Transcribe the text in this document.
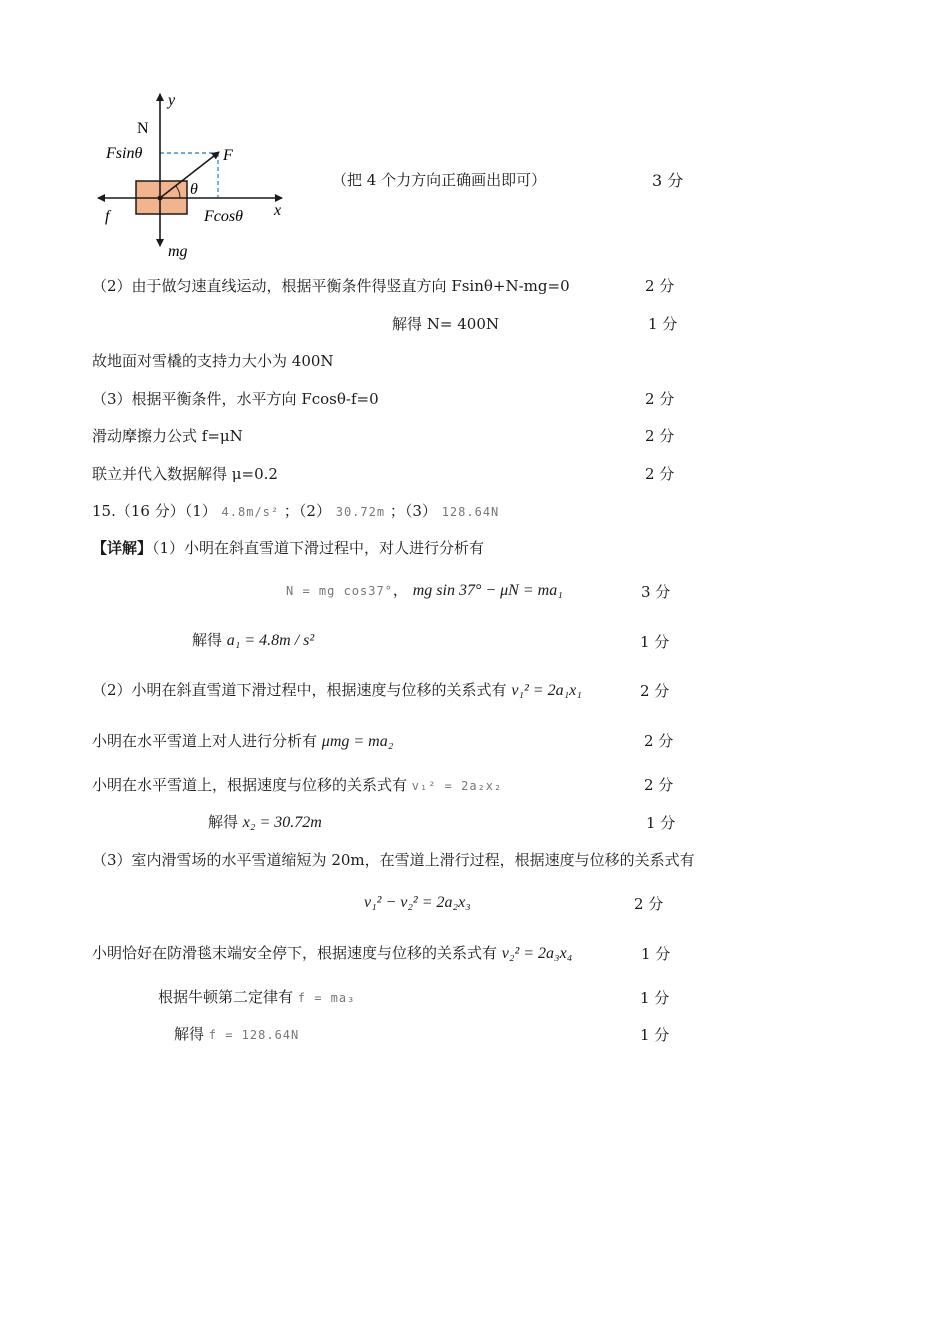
y
N
Fsinθ	F
θ
f	Fcosθ x
mg
（把 4 个力方向正确画出即可）	3 分
（2）由于做匀速直线运动，根据平衡条件得竖直方向 Fsinθ+N-mg=0	2 分
解得 N= 400N	1 分
故地面对雪橇的支持力大小为 400N
（3）根据平衡条件，水平方向 Fcosθ-f=0	2 分
滑动摩擦力公式 f=μN	2 分
联立并代入数据解得 μ=0.2	2 分
15.（16 分）（1） 4.8m/s² ；（2） 30.72m ；（3） 128.64N
【详解】（1）小明在斜直雪道下滑过程中，对人进行分析有
N = mg cos37°， mg sin 37° − μN = ma₁	3 分
解得 a₁ = 4.8m / s²	1 分
（2）小明在斜直雪道下滑过程中，根据速度与位移的关系式有 v₁² = 2a₁x₁	2 分
小明在水平雪道上对人进行分析有 μmg = ma₂	2 分
小明在水平雪道上，根据速度与位移的关系式有 v₁² = 2a₂x₂	2 分
解得 x₂ = 30.72m	1 分
（3）室内滑雪场的水平雪道缩短为 20m，在雪道上滑行过程，根据速度与位移的关系式有
v₁² − v₂² = 2a₂x₃	2 分
小明恰好在防滑毯末端安全停下，根据速度与位移的关系式有 v₂² = 2a₃x₄	1 分
根据牛顿第二定律有 f = ma₃	1 分
解得 f = 128.64N	1 分
